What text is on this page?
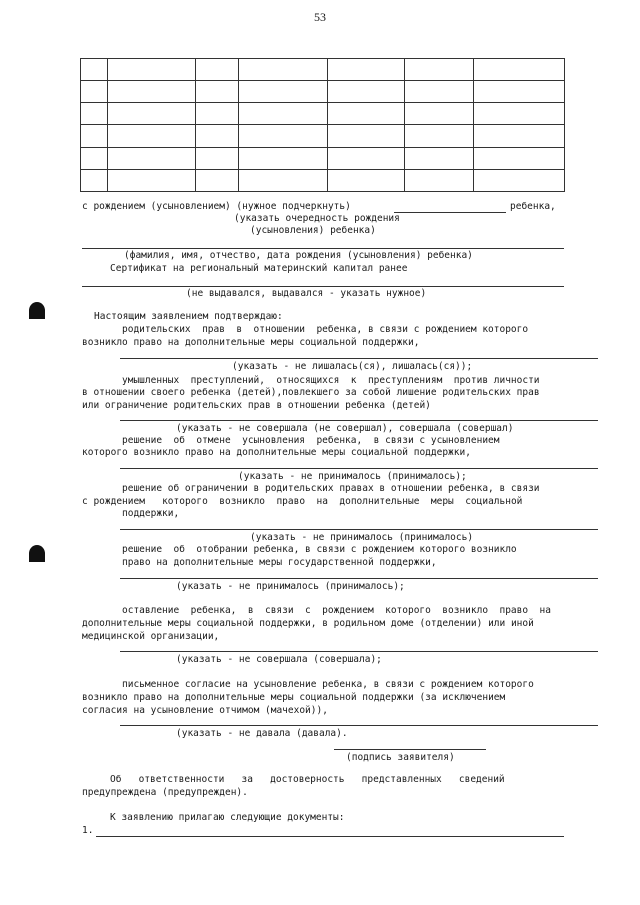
53

с рождением (усыновлением) (нужное подчеркнуть)	ребенка,
(указать очередность рождения
(усыновления) ребенка)
(фамилия, имя, отчество, дата рождения (усыновления) ребенка)
Сертификат на региональный материнский капитал ранее
(не выдавался, выдавался - указать нужное)
Настоящим заявлением подтверждаю:
родительских  прав  в  отношении  ребенка, в связи с рождением которого
возникло право на дополнительные меры социальной поддержки,
(указать - не лишалась(ся), лишалась(ся));
умышленных  преступлений,  относящихся  к  преступлениям  против личности
в отношении своего ребенка (детей),повлекшего за собой лишение родительских прав
или ограничение родительских прав в отношении ребенка (детей)
(указать - не совершала (не совершал), совершала (совершал)
решение  об  отмене  усыновления  ребенка,  в связи с усыновлением
которого возникло право на дополнительные меры социальной поддержки,
(указать - не принималось (принималось);
решение об ограничении в родительских правах в отношении ребенка, в связи
с рождением   которого  возникло  право  на  дополнительные  меры  социальной
поддержки,
(указать - не принималось (принималось)
решение  об  отобрании ребенка, в связи с рождением которого возникло
право на дополнительные меры государственной поддержки,
(указать - не принималось (принималось);
оставление  ребенка,  в  связи  с  рождением  которого  возникло  право  на
дополнительные меры социальной поддержки, в родильном доме (отделении) или иной
медицинской организации,
(указать - не совершала (совершала);
письменное согласие на усыновление ребенка, в связи с рождением которого
возникло право на дополнительные меры социальной поддержки (за исключением
согласия на усыновление отчимом (мачехой)),
(указать - не давала (давала).
(подпись заявителя)
Об   ответственности   за   достоверность   представленных   сведений
предупреждена (предупрежден).
К заявлению прилагаю следующие документы:
1.
